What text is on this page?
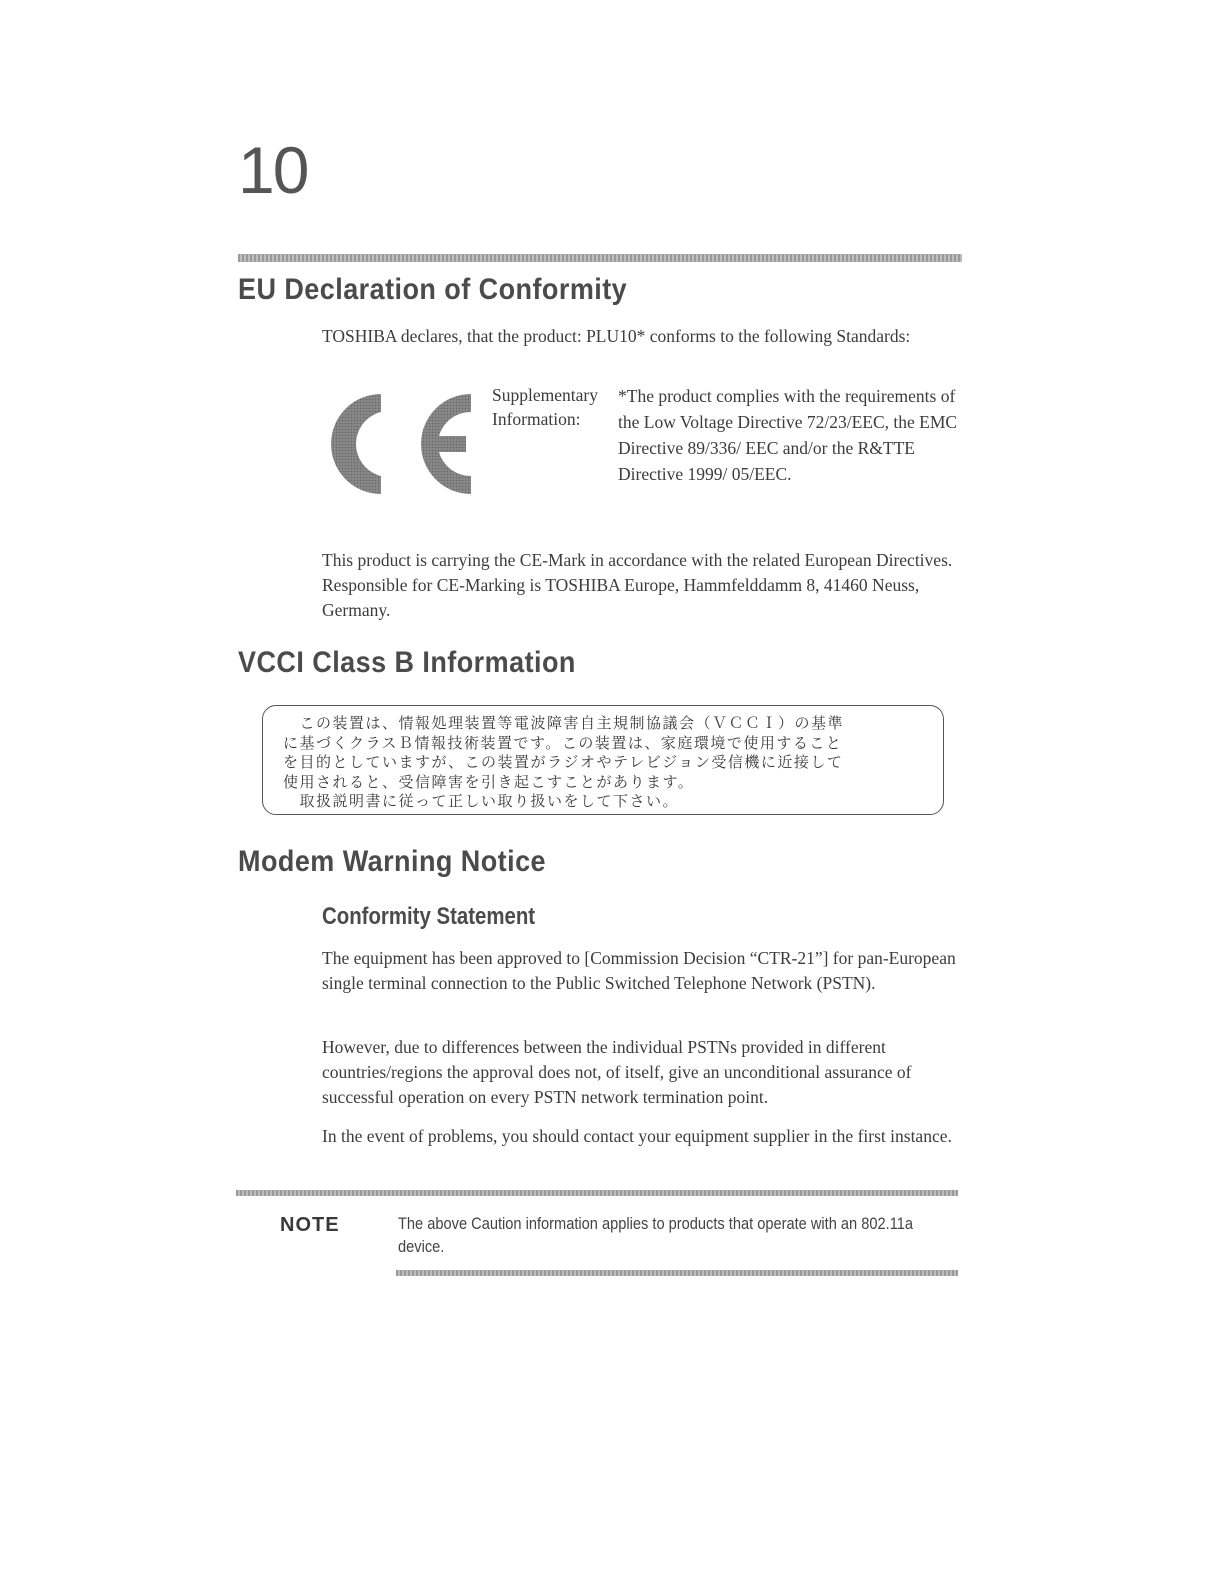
10
EU Declaration of Conformity

TOSHIBA declares, that the product: PLU10* conforms to the following Standards:

Supplementary Information:
*The product complies with the requirements of the Low Voltage Directive 72/23/EEC, the EMC Directive 89/336/ EEC and/or the R&TTE Directive 1999/ 05/EEC.

This product is carrying the CE-Mark in accordance with the related European Directives. Responsible for CE-Marking is TOSHIBA Europe, Hammfelddamm 8, 41460 Neuss, Germany.

VCCI Class B Information

　この装置は、情報処理装置等電波障害自主規制協議会（ＶＣＣＩ）の基準

に基づくクラスＢ情報技術装置です。この装置は、家庭環境で使用すること

を目的としていますが、この装置がラジオやテレビジョン受信機に近接して

使用されると、受信障害を引き起こすことがあります。

　取扱説明書に従って正しい取り扱いをして下さい。

Modem Warning Notice
Conformity Statement

The equipment has been approved to [Commission Decision “CTR-21”] for pan-European single terminal connection to the Public Switched Telephone Network (PSTN).

However, due to differences between the individual PSTNs provided in different countries/regions the approval does not, of itself, give an unconditional assurance of successful operation on every PSTN network termination point.

In the event of problems, you should contact your equipment supplier in the first instance.

NOTE	The above Caution information applies to products that operate with an 802.11a device.
